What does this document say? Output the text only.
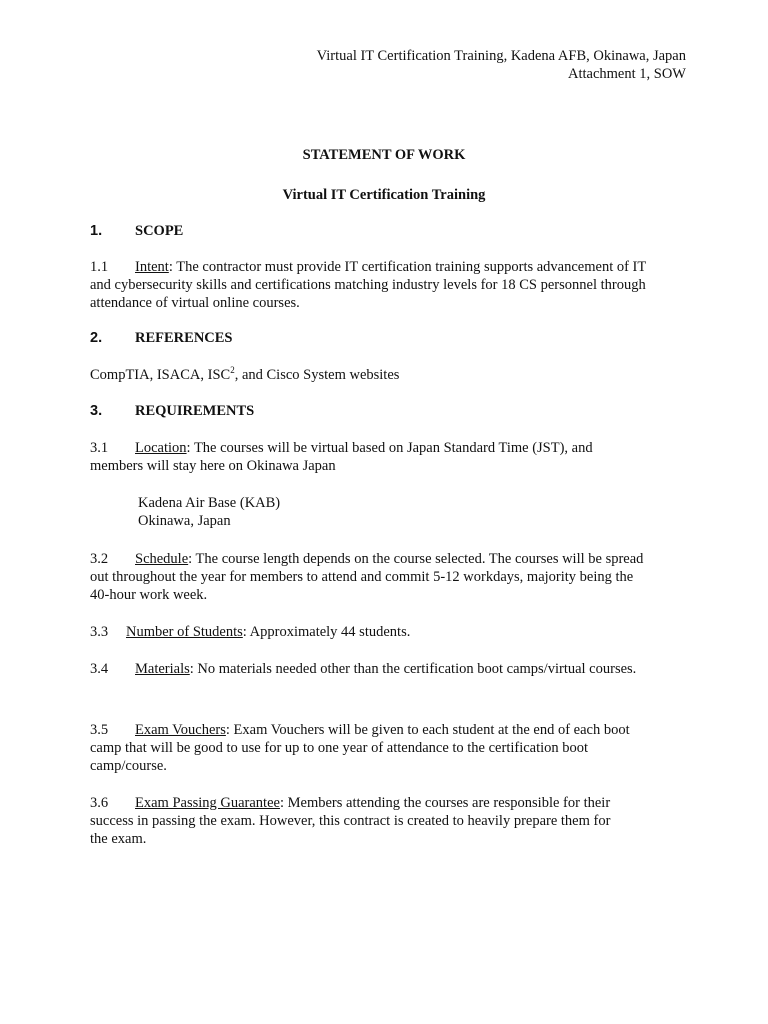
Virtual IT Certification Training, Kadena AFB, Okinawa, Japan
Attachment 1, SOW
STATEMENT OF WORK
Virtual IT Certification Training
1. SCOPE
1.1 Intent: The contractor must provide IT certification training supports advancement of IT
and cybersecurity skills and certifications matching industry levels for 18 CS personnel through
attendance of virtual online courses.
2. REFERENCES
CompTIA, ISACA, ISC$^2$, and Cisco System websites
3. REQUIREMENTS
3.1 Location: The courses will be virtual based on Japan Standard Time (JST), and
members will stay here on Okinawa Japan
Kadena Air Base (KAB)
Okinawa, Japan
3.2 Schedule: The course length depends on the course selected. The courses will be spread
out throughout the year for members to attend and commit 5-12 workdays, majority being the
40-hour work week.
3.3 Number of Students: Approximately 44 students.
3.4 Materials: No materials needed other than the certification boot camps/virtual courses.
3.5 Exam Vouchers: Exam Vouchers will be given to each student at the end of each boot
camp that will be good to use for up to one year of attendance to the certification boot
camp/course.
3.6 Exam Passing Guarantee: Members attending the courses are responsible for their
success in passing the exam. However, this contract is created to heavily prepare them for
the exam.
